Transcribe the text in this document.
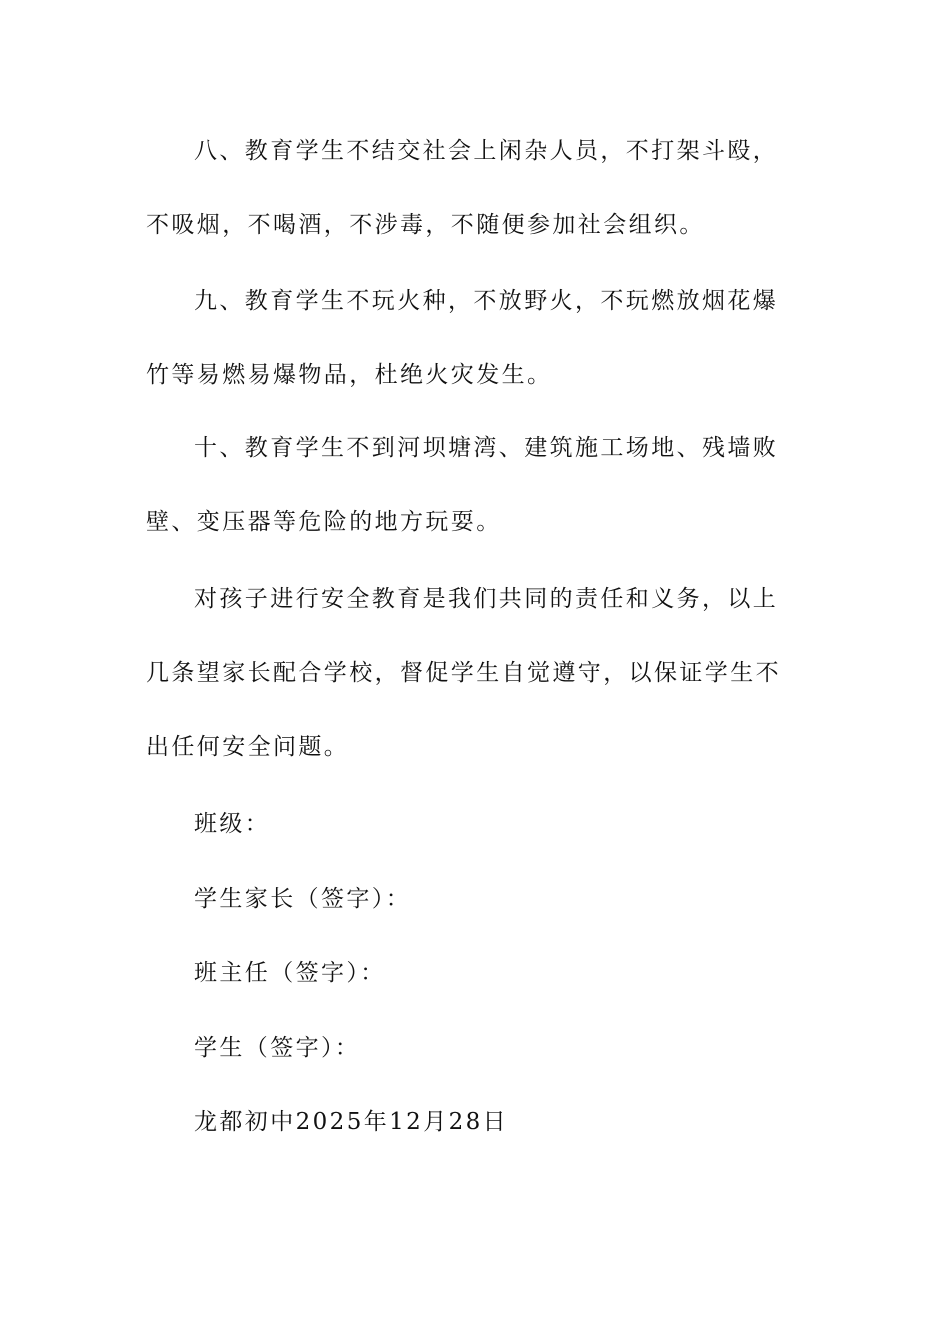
八、教育学生不结交社会上闲杂人员，不打架斗殴，不吸烟，不喝酒，不涉毒，不随便参加社会组织。

九、教育学生不玩火种，不放野火，不玩燃放烟花爆竹等易燃易爆物品，杜绝火灾发生。

十、教育学生不到河坝塘湾、建筑施工场地、残墙败壁、变压器等危险的地方玩耍。

对孩子进行安全教育是我们共同的责任和义务，以上几条望家长配合学校，督促学生自觉遵守，以保证学生不出任何安全问题。

班级：

学生家长（签字）：

班主任（签字）：

学生（签字）：

龙都初中2025年12月28日
